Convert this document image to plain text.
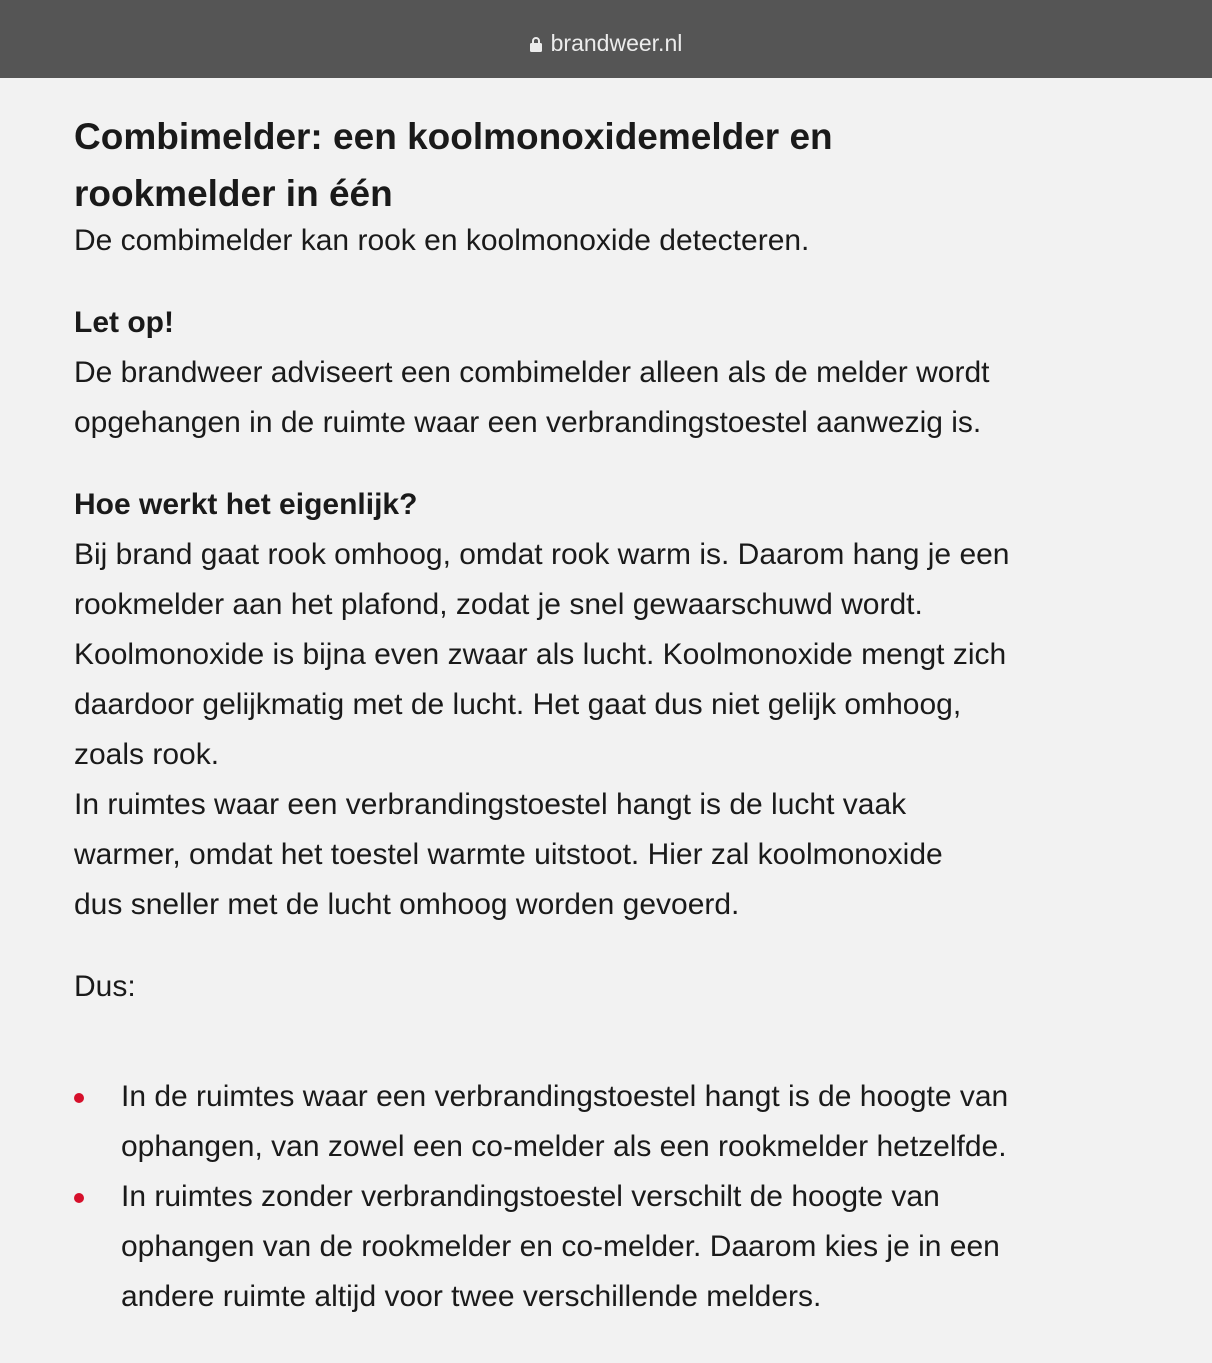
brandweer.nl
Combimelder: een koolmonoxidemelder en
rookmelder in één
De combimelder kan rook en koolmonoxide detecteren.
Let op!
De brandweer adviseert een combimelder alleen als de melder wordt
opgehangen in de ruimte waar een verbrandingstoestel aanwezig is.
Hoe werkt het eigenlijk?
Bij brand gaat rook omhoog, omdat rook warm is. Daarom hang je een
rookmelder aan het plafond, zodat je snel gewaarschuwd wordt.
Koolmonoxide is bijna even zwaar als lucht. Koolmonoxide mengt zich
daardoor gelijkmatig met de lucht. Het gaat dus niet gelijk omhoog,
zoals rook.
In ruimtes waar een verbrandingstoestel hangt is de lucht vaak
warmer, omdat het toestel warmte uitstoot. Hier zal koolmonoxide
dus sneller met de lucht omhoog worden gevoerd.
Dus:
In de ruimtes waar een verbrandingstoestel hangt is de hoogte van
ophangen, van zowel een co-melder als een rookmelder hetzelfde.
In ruimtes zonder verbrandingstoestel verschilt de hoogte van
ophangen van de rookmelder en co-melder. Daarom kies je in een
andere ruimte altijd voor twee verschillende melders.
